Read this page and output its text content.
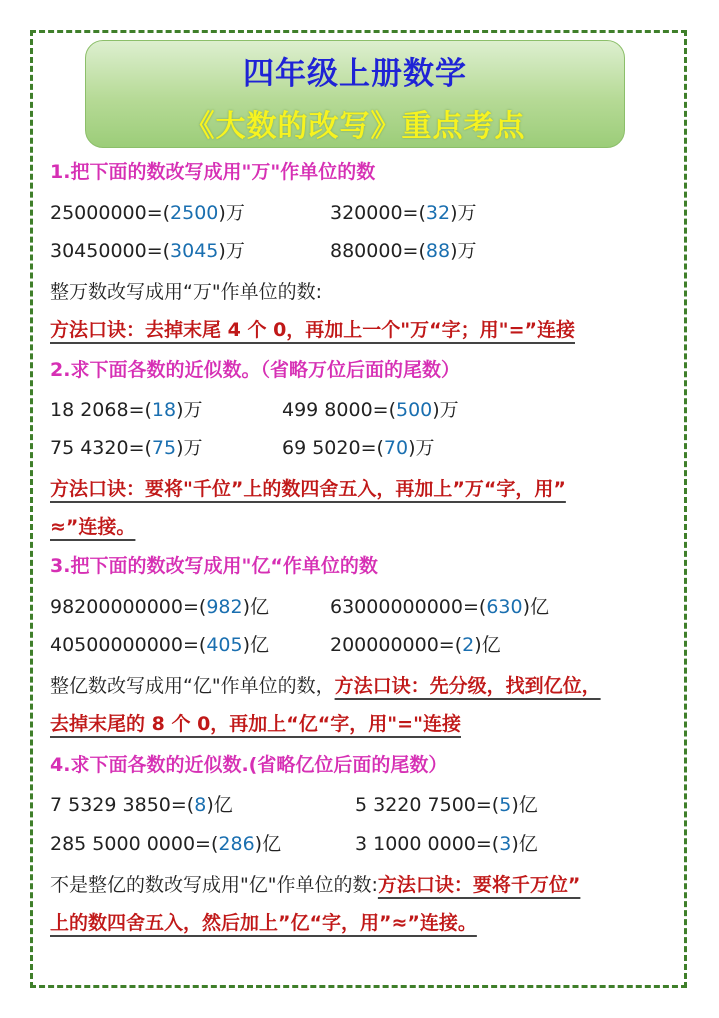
四年级上册数学
《大数的改写》重点考点
1.把下面的数改写成用"万"作单位的数
25000000=(2500)万	320000=(32)万
30450000=(3045)万	880000=(88)万
整万数改写成用“万"作单位的数:
方法口诀：去掉末尾 4 个 0，再加上一个"万“字；用"=”连接
2.求下面各数的近似数。（省略万位后面的尾数）
18 2068=(18)万	499 8000=(500)万
75 4320=(75)万	69 5020=(70)万
方法口诀：要将"千位”上的数四舍五入，再加上”万“字，用”
≈”连接。
3.把下面的数改写成用"亿“作单位的数
98200000000=(982)亿	63000000000=(630)亿
40500000000=(405)亿	200000000=(2)亿
整亿数改写成用“亿"作单位的数，方法口诀：先分级，找到亿位，
去掉末尾的 8 个 0，再加上“亿“字，用"="连接
4.求下面各数的近似数.(省略亿位后面的尾数）
7 5329 3850=(8)亿	5 3220 7500=(5)亿
285 5000 0000=(286)亿	3 1000 0000=(3)亿
不是整亿的数改写成用"亿"作单位的数:方法口诀：要将千万位”
上的数四舍五入，然后加上”亿“字，用”≈”连接。
